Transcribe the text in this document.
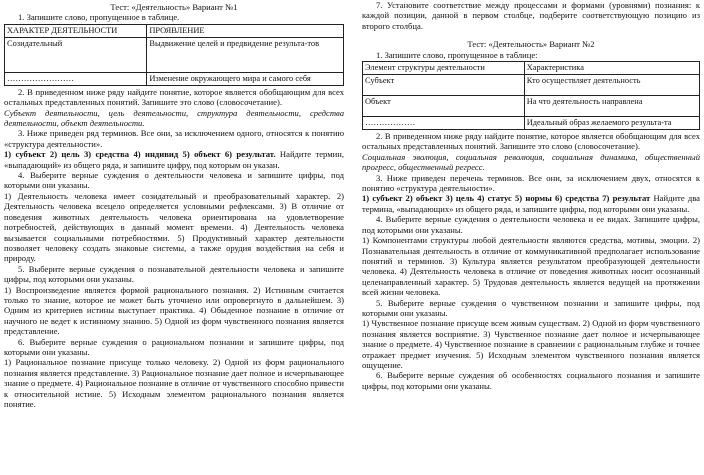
Тест: «Деятельность» Вариант №1

1. Запишите слово, пропущенное в таблице.

ХАРАКТЕР ДЕЯТЕЛЬНОСТИ	ПРОЯВЛЕНИЕ
Созидательный	Выдвижение целей и предвидение результа-тов
……………………	Изменение окружающего мира и самого себя

2. В приведенном ниже ряду найдите понятие, которое является обобщающим для всех остальных представленных понятий. Запишите это слово (словосочетание).

Субъект деятельности, цель деятельности, структура деятельности, средства деятельности, объект деятельности.

3. Ниже приведен ряд терминов. Все они, за исключением одного, относятся к понятию «структура деятельности».

1) субъект 2) цель 3) средства 4) индивид 5) объект 6) результат. Найдите термин, «выпадающий» из общего ряда, и запишите цифру, под которым он указан.

4. Выберите верные суждения о деятельности человека и запишите цифры, под которыми они указаны.

1) Деятельность человека имеет созидательный и преобразовательный характер. 2) Деятельность человека всецело определяется условными рефлексами. 3) В отличие от поведения животных деятельность человека ориентирована на удовлетворение потребностей, действующих в данный момент времени. 4) Деятельность человека вызывается социальными потребностями. 5) Продуктивный характер деятельности позволяет человеку создать знаковые системы, а также орудия воздействия на себя и природу.

5. Выберите верные суждения о познавательной деятельности человека и запишите цифры, под которыми они указаны.

1) Воспроизведение является формой рационального познания. 2) Истинным считается только то знание, которое не может быть уточнено или опровергнуто в дальнейшем. 3) Одним из критериев истины выступает практика. 4) Обыденное познание в отличие от научного не ведет к истинному знанию. 5) Одной из форм чувственного познания является представление.

6. Выберите верные суждения о рациональном познании и запишите цифры, под которыми они указаны.

1) Рациональное познание присуще только человеку. 2) Одной из форм рационального познания является представление. 3) Рациональное познание дает полное и исчерпывающее знание о предмете. 4) Рациональное познание в отличие от чувственного способно привести к относительной истине. 5) Исходным элементом рационального познания является понятие.

7. Установите соответствие между процессами и формами (уровнями) познания: к каждой позиции, данной в первом столбце, подберите соответствующую позицию из второго столбца.

Тест: «Деятельность» Вариант №2

1. Запишите слово, пропущенное в таблице:

Элемент структуры деятельности	Характеристика
Субъект	Кто осуществляет деятельность
Объект	На что деятельность направлена
………………	Идеальный образ желаемого результа-та

2. В приведенном ниже ряду найдите понятие, которое является обобщающим для всех остальных представленных понятий. Запишите это слово (словосочетание).

Социальная эволюция, социальная революция, социальная динамика, общественный прогресс, общественный регресс.

3. Ниже приведен перечень терминов. Все они, за исключением двух, относятся к понятию «структура деятельности».

1) субъект 2) объект 3) цель 4) статус 5) нормы 6) средства 7) результат Найдите два термина, «выпадающих» из общего ряда, и запишите цифры, под которыми они указаны.

4. Выберите верные суждения о деятельности человека и ее видах. Запишите цифры, под которыми они указаны.

1) Компонентами структуры любой деятельности являются средства, мотивы, эмоции. 2) Познавательная деятельность в отличие от коммуникативной предполагает использование понятий и терминов. 3) Культура является результатом преобразующей деятельности человека. 4) Деятельность человека в отличие от поведения животных носит осознанный целенаправленный характер. 5) Трудовая деятельность является ведущей на протяжении всей жизни человека.

5. Выберите верные суждения о чувственном познании и запишите цифры, под которыми они указаны.

1) Чувственное познание присуще всем живым существам. 2) Одной из форм чувственного познания является восприятие. 3) Чувственное познание дает полное и исчерпывающее знание о предмете. 4) Чувственное познание в сравнении с рациональным глубже и точнее отражает предмет изучения. 5) Исходным элементом чувственного познания является ощущение.

6. Выберите верные суждения об особенностях социального познания и запишите цифры, под которыми они указаны.
